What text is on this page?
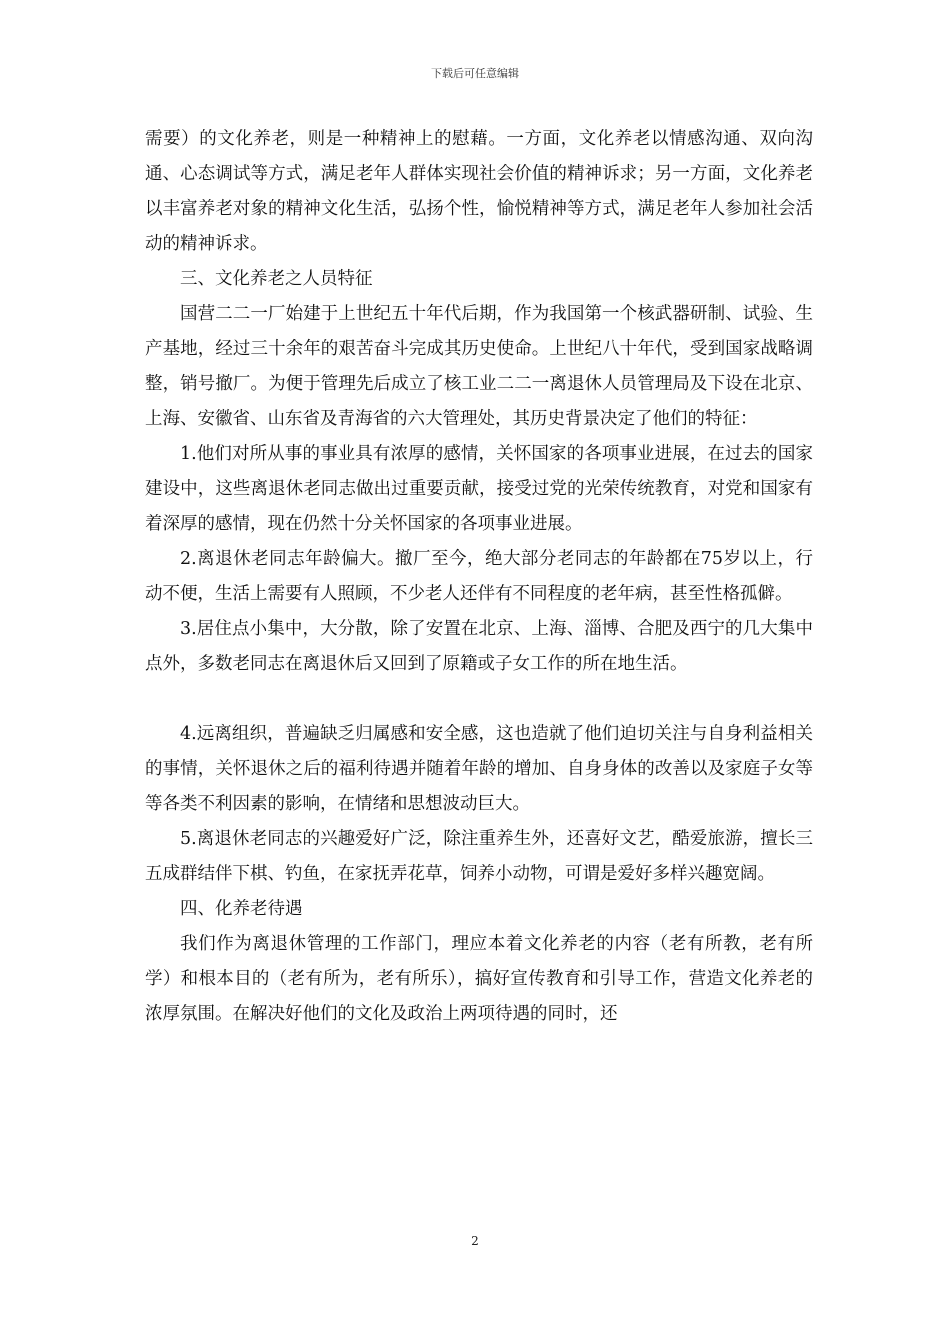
下载后可任意编辑

需要）的文化养老，则是一种精神上的慰藉。一方面，文化养老以情感沟通、双向沟通、心态调试等方式，满足老年人群体实现社会价值的精神诉求；另一方面，文化养老以丰富养老对象的精神文化生活，弘扬个性，愉悦精神等方式，满足老年人参加社会活动的精神诉求。

三、文化养老之人员特征

国营二二一厂始建于上世纪五十年代后期，作为我国第一个核武器研制、试验、生产基地，经过三十余年的艰苦奋斗完成其历史使命。上世纪八十年代，受到国家战略调整，销号撤厂。为便于管理先后成立了核工业二二一离退休人员管理局及下设在北京、上海、安徽省、山东省及青海省的六大管理处，其历史背景决定了他们的特征：

1.他们对所从事的事业具有浓厚的感情，关怀国家的各项事业进展，在过去的国家建设中，这些离退休老同志做出过重要贡献，接受过党的光荣传统教育，对党和国家有着深厚的感情，现在仍然十分关怀国家的各项事业进展。

2.离退休老同志年龄偏大。撤厂至今，绝大部分老同志的年龄都在75岁以上，行动不便，生活上需要有人照顾，不少老人还伴有不同程度的老年病，甚至性格孤僻。

3.居住点小集中，大分散，除了安置在北京、上海、淄博、合肥及西宁的几大集中点外，多数老同志在离退休后又回到了原籍或子女工作的所在地生活。

4.远离组织，普遍缺乏归属感和安全感，这也造就了他们迫切关注与自身利益相关的事情，关怀退休之后的福利待遇并随着年龄的增加、自身身体的改善以及家庭子女等等各类不利因素的影响，在情绪和思想波动巨大。

5.离退休老同志的兴趣爱好广泛，除注重养生外，还喜好文艺，酷爱旅游，擅长三五成群结伴下棋、钓鱼，在家抚弄花草，饲养小动物，可谓是爱好多样兴趣宽阔。

四、化养老待遇

我们作为离退休管理的工作部门，理应本着文化养老的内容（老有所教，老有所学）和根本目的（老有所为，老有所乐），搞好宣传教育和引导工作，营造文化养老的浓厚氛围。在解决好他们的文化及政治上两项待遇的同时，还

2
